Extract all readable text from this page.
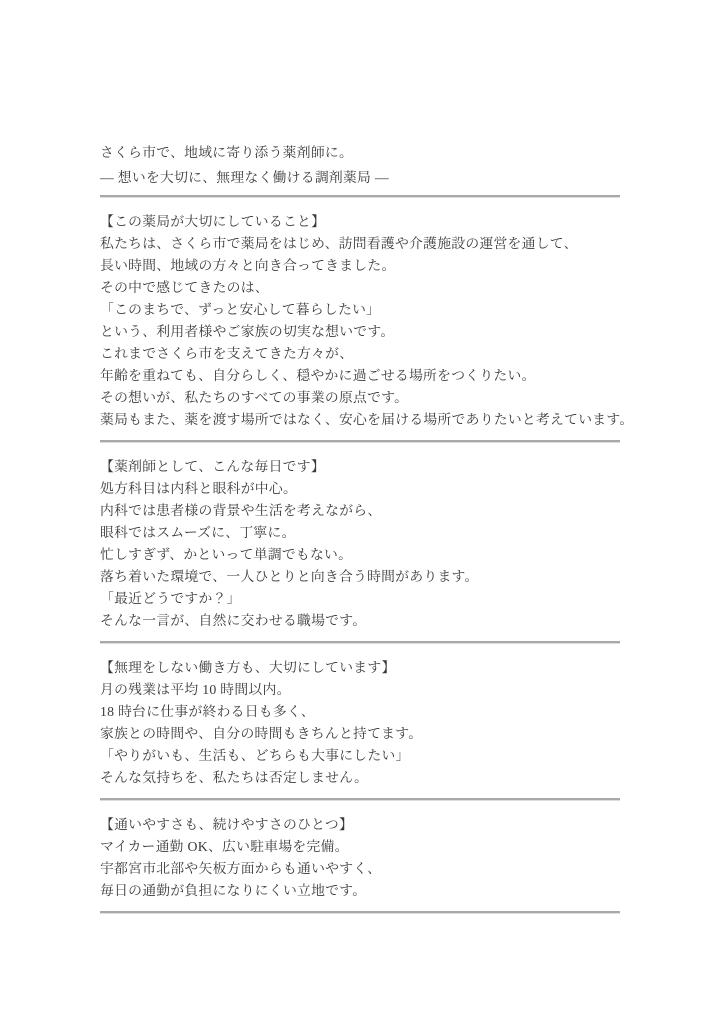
さくら市で、地域に寄り添う薬剤師に。
― 想いを大切に、無理なく働ける調剤薬局 ―
【この薬局が大切にしていること】
私たちは、さくら市で薬局をはじめ、訪問看護や介護施設の運営を通して、
長い時間、地域の方々と向き合ってきました。
その中で感じてきたのは、
「このまちで、ずっと安心して暮らしたい」
という、利用者様やご家族の切実な想いです。
これまでさくら市を支えてきた方々が、
年齢を重ねても、自分らしく、穏やかに過ごせる場所をつくりたい。
その想いが、私たちのすべての事業の原点です。
薬局もまた、薬を渡す場所ではなく、安心を届ける場所でありたいと考えています。
【薬剤師として、こんな毎日です】
処方科目は内科と眼科が中心。
内科では患者様の背景や生活を考えながら、
眼科ではスムーズに、丁寧に。
忙しすぎず、かといって単調でもない。
落ち着いた環境で、一人ひとりと向き合う時間があります。
「最近どうですか？」
そんな一言が、自然に交わせる職場です。
【無理をしない働き方も、大切にしています】
月の残業は平均 10 時間以内。
18 時台に仕事が終わる日も多く、
家族との時間や、自分の時間もきちんと持てます。
「やりがいも、生活も、どちらも大事にしたい」
そんな気持ちを、私たちは否定しません。
【通いやすさも、続けやすさのひとつ】
マイカー通勤 OK、広い駐車場を完備。
宇都宮市北部や矢板方面からも通いやすく、
毎日の通勤が負担になりにくい立地です。
